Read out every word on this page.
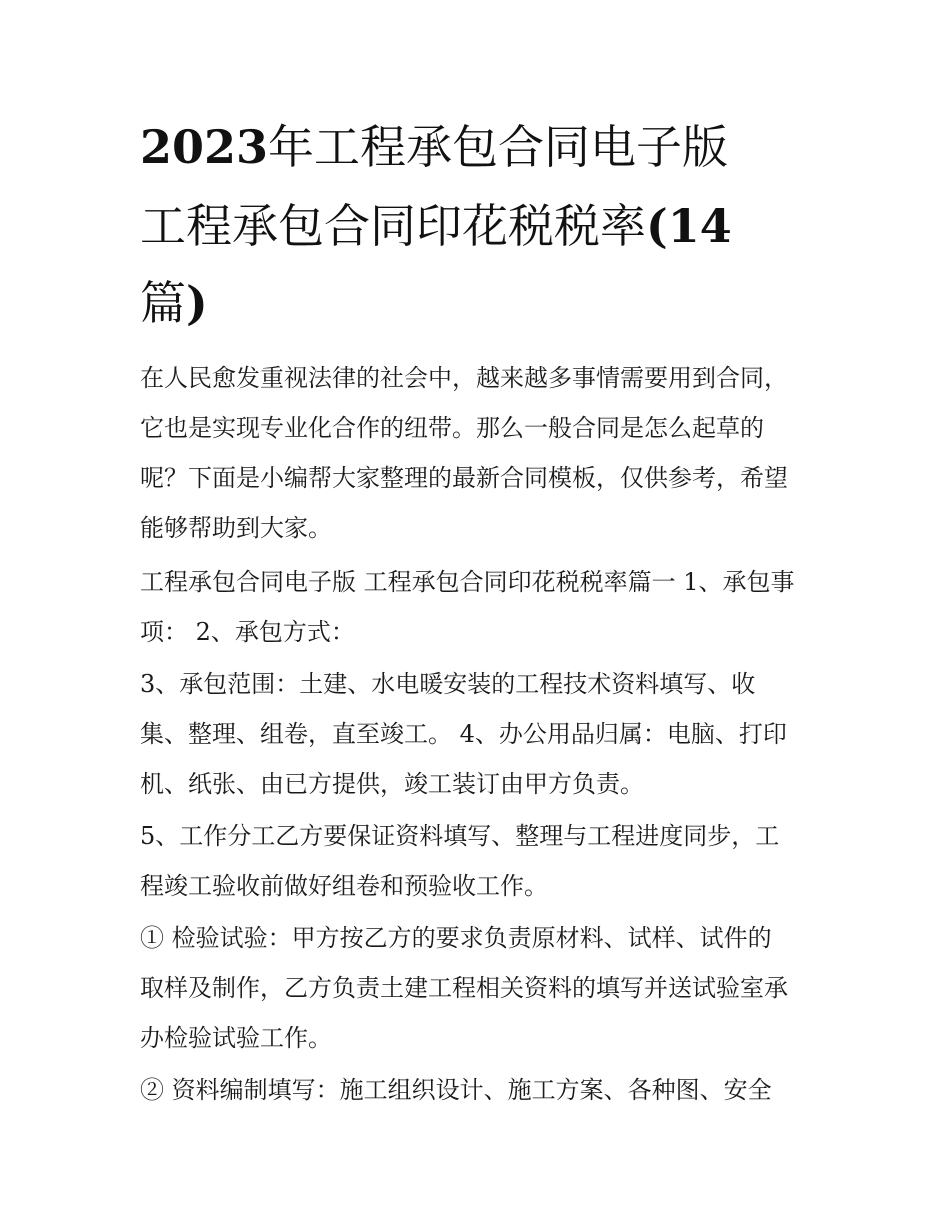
2023年工程承包合同电子版
工程承包合同印花税税率(14
篇)

在人民愈发重视法律的社会中，越来越多事情需要用到合同，

它也是实现专业化合作的纽带。那么一般合同是怎么起草的

呢？下面是小编帮大家整理的最新合同模板，仅供参考，希望

能够帮助到大家。

工程承包合同电子版 工程承包合同印花税税率篇一 1、承包事

项： 2、承包方式：

3、承包范围：土建、水电暖安装的工程技术资料填写、收

集、整理、组卷，直至竣工。 4、办公用品归属：电脑、打印

机、纸张、由已方提供，竣工装订由甲方负责。

5、工作分工乙方要保证资料填写、整理与工程进度同步，工

程竣工验收前做好组卷和预验收工作。

① 检验试验：甲方按乙方的要求负责原材料、试样、试件的

取样及制作，乙方负责土建工程相关资料的填写并送试验室承

办检验试验工作。

② 资料编制填写：施工组织设计、施工方案、各种图、安全
